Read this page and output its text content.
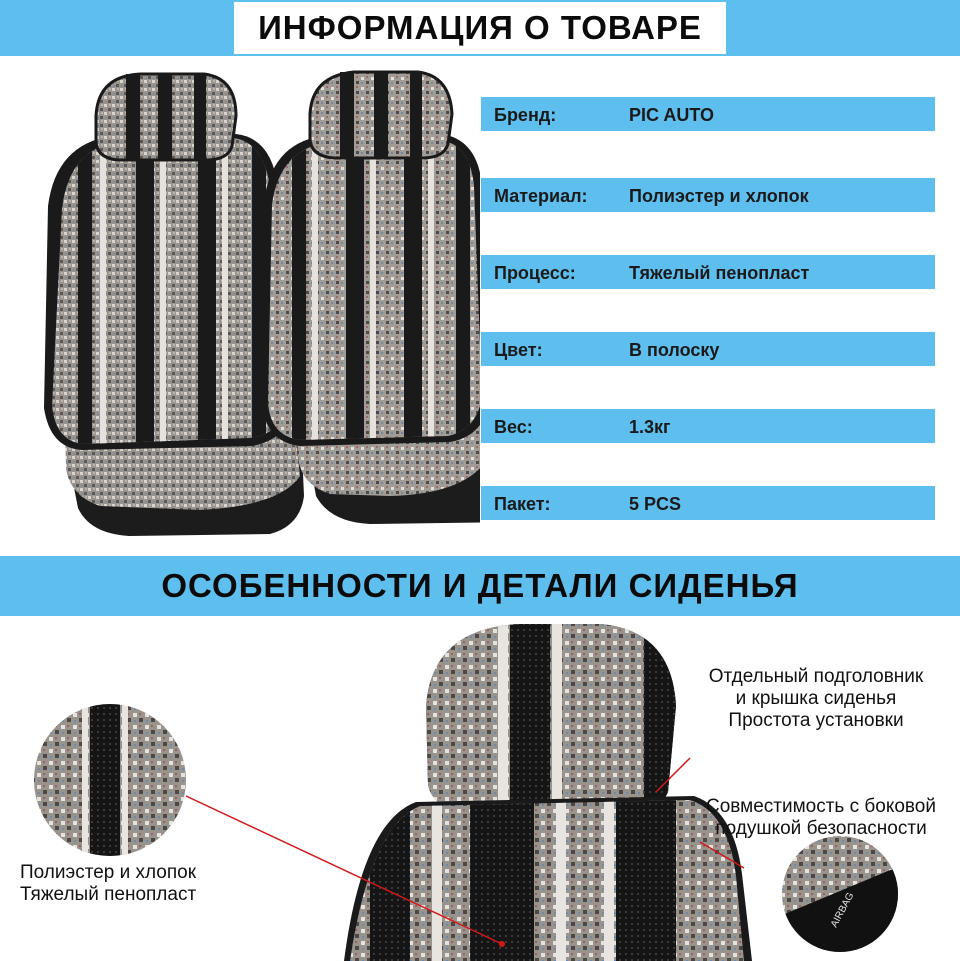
ИНФОРМАЦИЯ О ТОВАРЕ
Бренд:	PIC AUTO
Материал: Полиэстер и хлопок
Процесс:	Тяжелый пенопласт
Цвет:	В полоску
Вес:	1.3кг
Пакет:	5 PCS
ОСОБЕННОСТИ И ДЕТАЛИ СИДЕНЬЯ
AIRBAG
Отдельный подголовник
и крышка сиденья
Простота установки
Совместимость с боковой
подушкой безопасности
Полиэстер и хлопок
Тяжелый пенопласт
